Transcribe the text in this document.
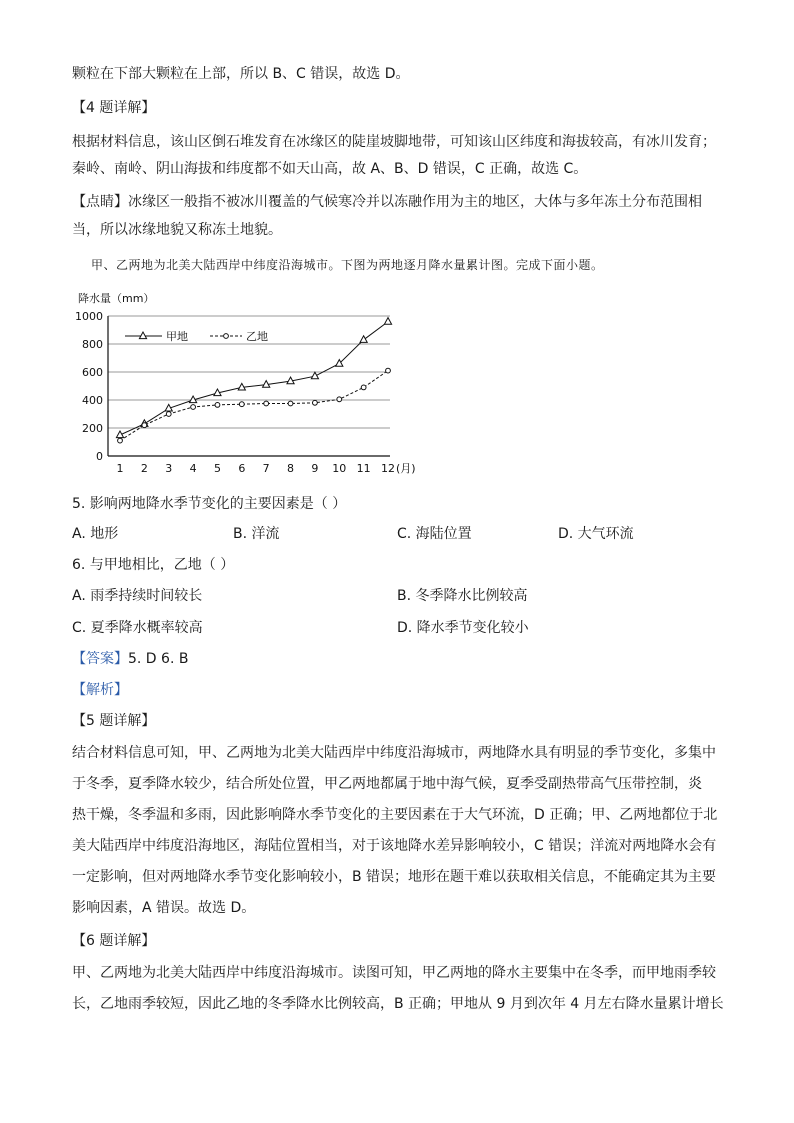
颗粒在下部大颗粒在上部，所以 B、C 错误，故选 D。
【4 题详解】
根据材料信息，该山区倒石堆发育在冰缘区的陡崖坡脚地带，可知该山区纬度和海拔较高，有冰川发育；
秦岭、南岭、阴山海拔和纬度都不如天山高，故 A、B、D 错误，C 正确，故选 C。
【点睛】冰缘区一般指不被冰川覆盖的气候寒冷并以冻融作用为主的地区，大体与多年冻土分布范围相
当，所以冰缘地貌又称冻土地貌。
甲、乙两地为北美大陆西岸中纬度沿海城市。下图为两地逐月降水量累计图。完成下面小题。
降水量（mm）
0
200
400
600
800
1000
1 2 3 4 5 6 7 8 9 10 11 12 (月)
甲地	乙地
5. 影响两地降水季节变化的主要因素是（ ）
A. 地形	B. 洋流	C. 海陆位置	D. 大气环流
6. 与甲地相比，乙地（ ）
A. 雨季持续时间较长	B. 冬季降水比例较高
C. 夏季降水概率较高	D. 降水季节变化较小
【答案】5. D 6. B
【解析】
【5 题详解】
结合材料信息可知，甲、乙两地为北美大陆西岸中纬度沿海城市，两地降水具有明显的季节变化，多集中
于冬季，夏季降水较少，结合所处位置，甲乙两地都属于地中海气候，夏季受副热带高气压带控制，炎
热干燥，冬季温和多雨，因此影响降水季节变化的主要因素在于大气环流，D 正确；甲、乙两地都位于北
美大陆西岸中纬度沿海地区，海陆位置相当，对于该地降水差异影响较小，C 错误；洋流对两地降水会有
一定影响，但对两地降水季节变化影响较小，B 错误；地形在题干难以获取相关信息，不能确定其为主要
影响因素，A 错误。故选 D。
【6 题详解】
甲、乙两地为北美大陆西岸中纬度沿海城市。读图可知，甲乙两地的降水主要集中在冬季，而甲地雨季较
长，乙地雨季较短，因此乙地的冬季降水比例较高，B 正确；甲地从 9 月到次年 4 月左右降水量累计增长
